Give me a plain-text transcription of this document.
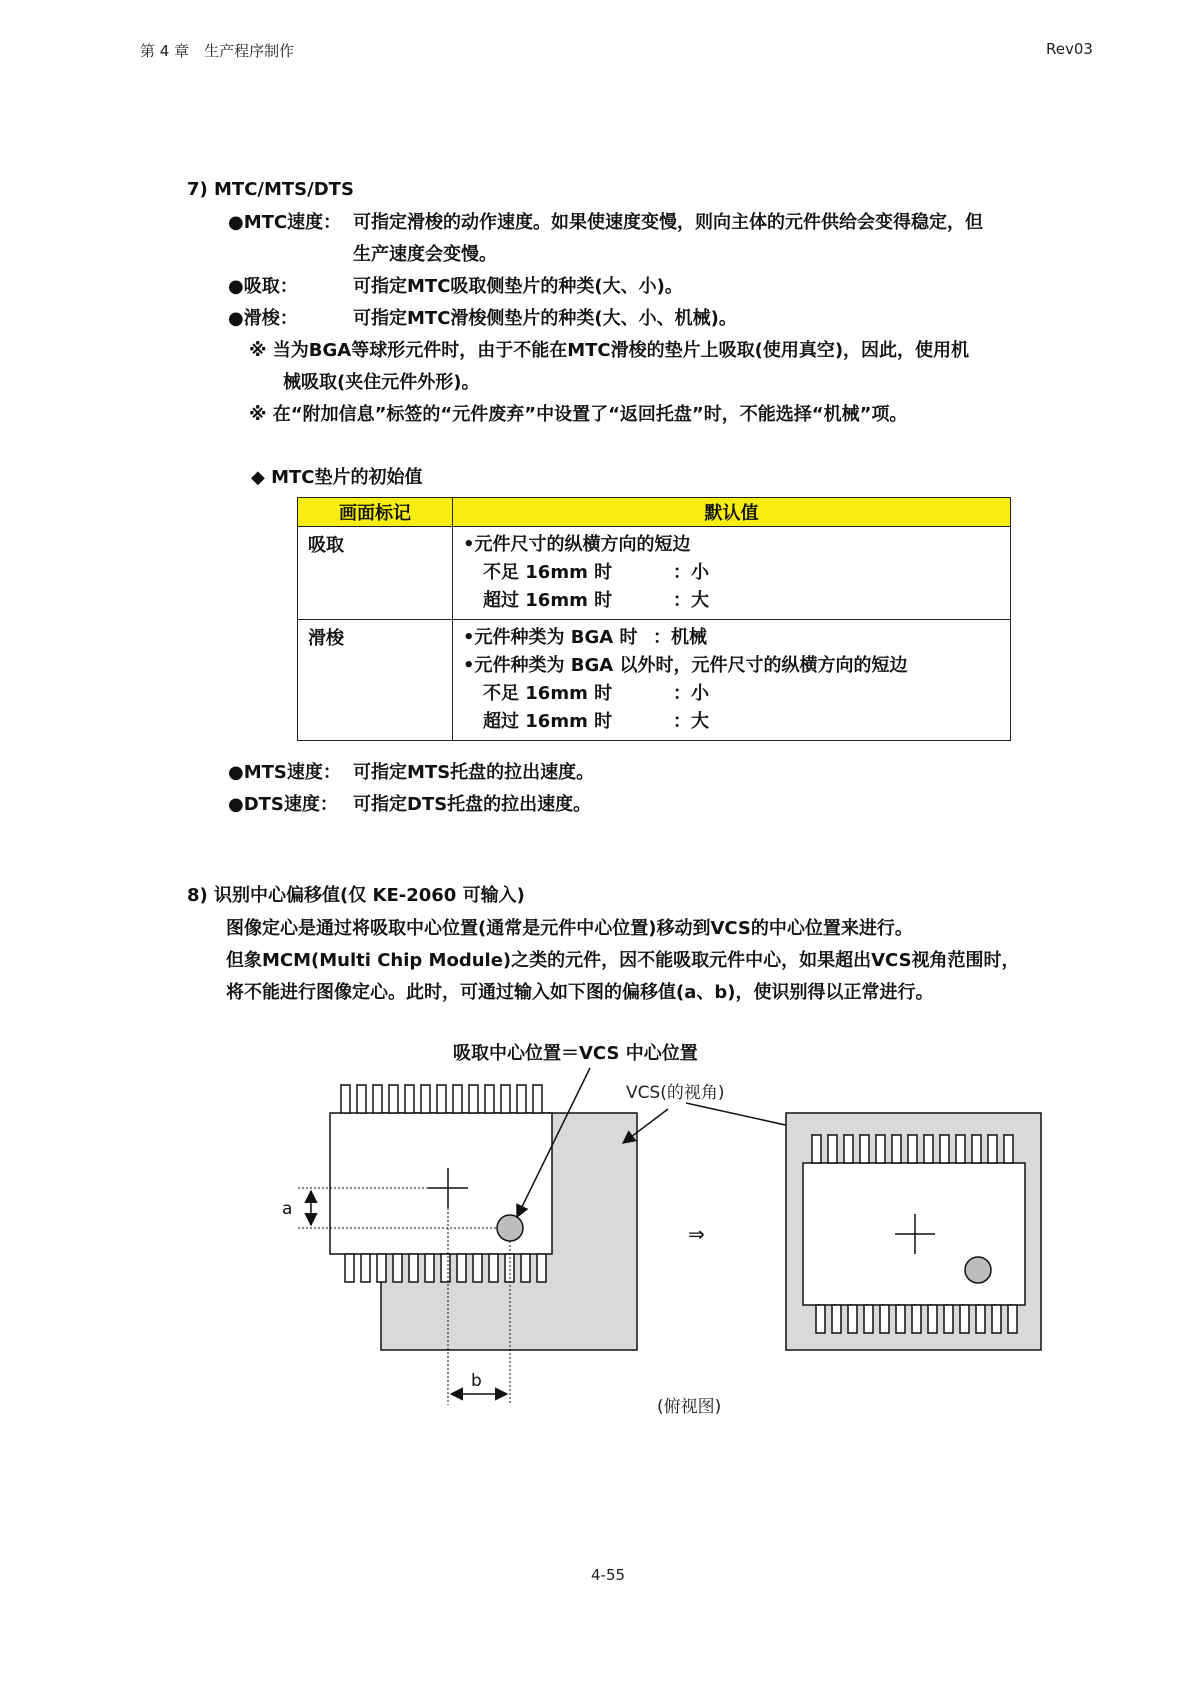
第 4 章　生产程序制作	Rev03
7) MTC/MTS/DTS
●MTC速度： 可指定滑梭的动作速度。如果使速度变慢，则向主体的元件供给会变得稳定，但
生产速度会变慢。
●吸取：	可指定MTC吸取侧垫片的种类(大、小)。
●滑梭：	可指定MTC滑梭侧垫片的种类(大、小、机械)。
※ 当为BGA等球形元件时，由于不能在MTC滑梭的垫片上吸取(使用真空)，因此，使用机
械吸取(夹住元件外形)。
※ 在“附加信息”标签的“元件废弃”中设置了“返回托盘”时，不能选择“机械”项。
◆ MTC垫片的初始值
画面标记	默认值
吸取	•元件尺寸的纵横方向的短边
不足 16mm 时 ：小
超过 16mm 时 ：大

滑梭	•元件种类为 BGA 时 ：机械
•元件种类为 BGA 以外时，元件尺寸的纵横方向的短边
不足 16mm 时 ：小
超过 16mm 时 ：大
●MTS速度： 可指定MTS托盘的拉出速度。
●DTS速度： 可指定DTS托盘的拉出速度。
8) 识别中心偏移值(仅 KE-2060 可输入)
图像定心是通过将吸取中心位置(通常是元件中心位置)移动到VCS的中心位置来进行。
但象MCM(Multi Chip Module)之类的元件，因不能吸取元件中心，如果超出VCS视角范围时，
将不能进行图像定心。此时，可通过输入如下图的偏移值(a、b)，使识别得以正常进行。
吸取中心位置＝VCS 中心位置
a
b
VCS(的视角)
⇒
(俯视图)
4-55
